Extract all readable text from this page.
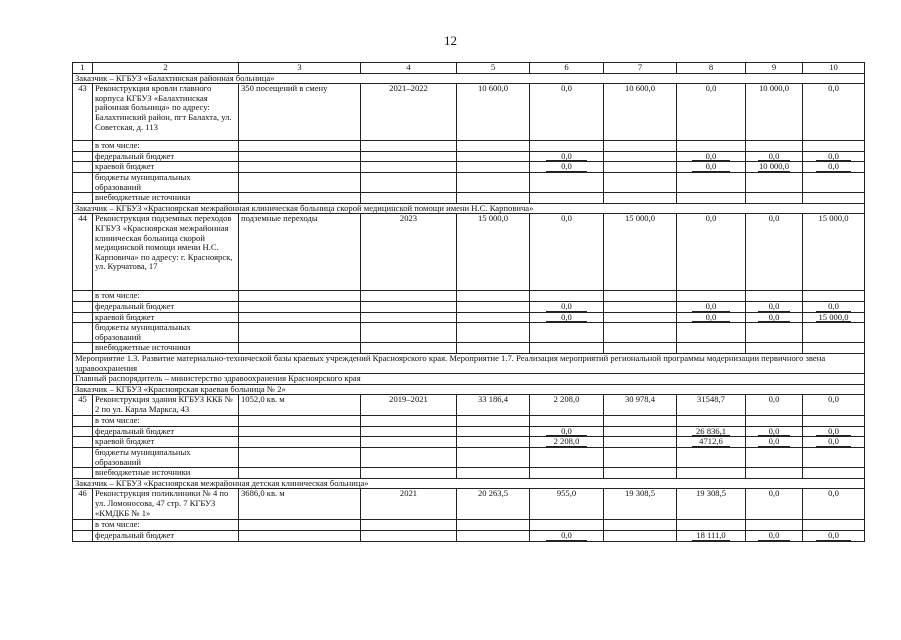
12
1	2	3	4	5	6	7	8	9	10
Заказчик – КГБУЗ «Балахтинская районная больница»									
43	Реконструкция кровли главного корпуса КГБУЗ «Балахтинская районная больница» по адресу: Балахтинский район, пгт Балахта, ул. Советская, д. 113	350 посещений в смену	2021–2022	10 600,0	0,0	10 600,0	0,0	10 000,0	0,0
	в том числе:								
	федеральный бюджет				0,0		0,0	0,0	0,0
	краевой бюджет				0,0		0,0	10 000,0	0,0
	бюджеты муниципальных образований								
	внебюджетные источники								
Заказчик – КГБУЗ «Красноярская межрайонная клиническая больница скорой медицинской помощи имени Н.С. Карповича»									
44	Реконструкция подземных переходов КГБУЗ «Красноярская межрайонная клиническая больница скорой медицинской помощи имени Н.С. Карповича» по адресу: г. Красноярск, ул. Курчатова, 17	подземные переходы	2023	15 000,0	0,0	15 000,0	0,0	0,0	15 000,0
	в том числе:								
	федеральный бюджет				0,0		0,0	0,0	0,0
	краевой бюджет				0,0		0,0	0,0	15 000,0
	бюджеты муниципальных образований								
	внебюджетные источники								
Мероприятие 1.3. Развитие материально-технической базы краевых учреждений Красноярского края. Мероприятие 1.7. Реализация мероприятий региональной программы модернизации первичного звена здравоохранения									
Главный распорядитель – министерство здравоохранения Красноярского края									
Заказчик – КГБУЗ «Красноярская краевая больница № 2»									
45	Реконструкция здания КГБУЗ ККБ № 2 по ул. Карла Маркса, 43	1052,0 кв. м	2019–2021	33 186,4	2 208,0	30 978,4	31548,7	0,0	0,0
	в том числе:								
	федеральный бюджет				0,0		26 836,1	0,0	0,0
	краевой бюджет				2 208,0		4712,6	0,0	0,0
	бюджеты муниципальных образований								
	внебюджетные источники								
Заказчик – КГБУЗ «Красноярская межрайонная детская клиническая больница»									
46	Реконструкция поликлиники № 4 по ул. Ломоносова, 47 стр. 7 КГБУЗ «КМДКБ № 1»	3686,0 кв. м	2021	20 263,5	955,0	19 308,5	19 308,5	0,0	0,0
	в том числе:								
	федеральный бюджет				0,0		18 111,0	0,0	0,0
